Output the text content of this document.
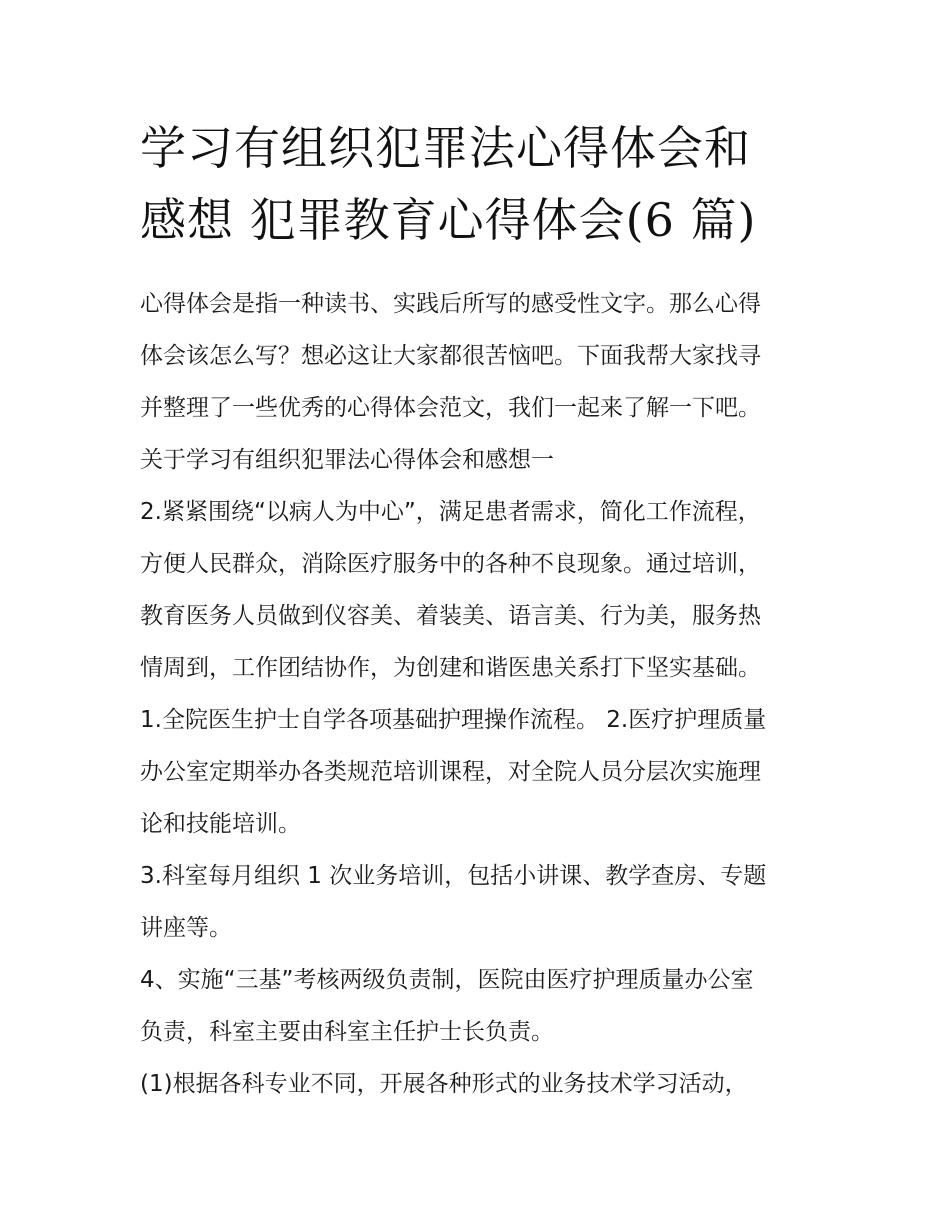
学习有组织犯罪法心得体会和
感想 犯罪教育心得体会(6 篇)

心得体会是指一种读书、实践后所写的感受性文字。那么心得
体会该怎么写？想必这让大家都很苦恼吧。下面我帮大家找寻
并整理了一些优秀的心得体会范文，我们一起来了解一下吧。

关于学习有组织犯罪法心得体会和感想一

2.紧紧围绕“以病人为中心”，满足患者需求，简化工作流程，
方便人民群众，消除医疗服务中的各种不良现象。通过培训，
教育医务人员做到仪容美、着装美、语言美、行为美，服务热
情周到，工作团结协作，为创建和谐医患关系打下坚实基础。

1.全院医生护士自学各项基础护理操作流程。 2.医疗护理质量
办公室定期举办各类规范培训课程，对全院人员分层次实施理
论和技能培训。

3.科室每月组织 1 次业务培训，包括小讲课、教学查房、专题
讲座等。

4、实施“三基”考核两级负责制，医院由医疗护理质量办公室
负责，科室主要由科室主任护士长负责。

(1)根据各科专业不同，开展各种形式的业务技术学习活动，
